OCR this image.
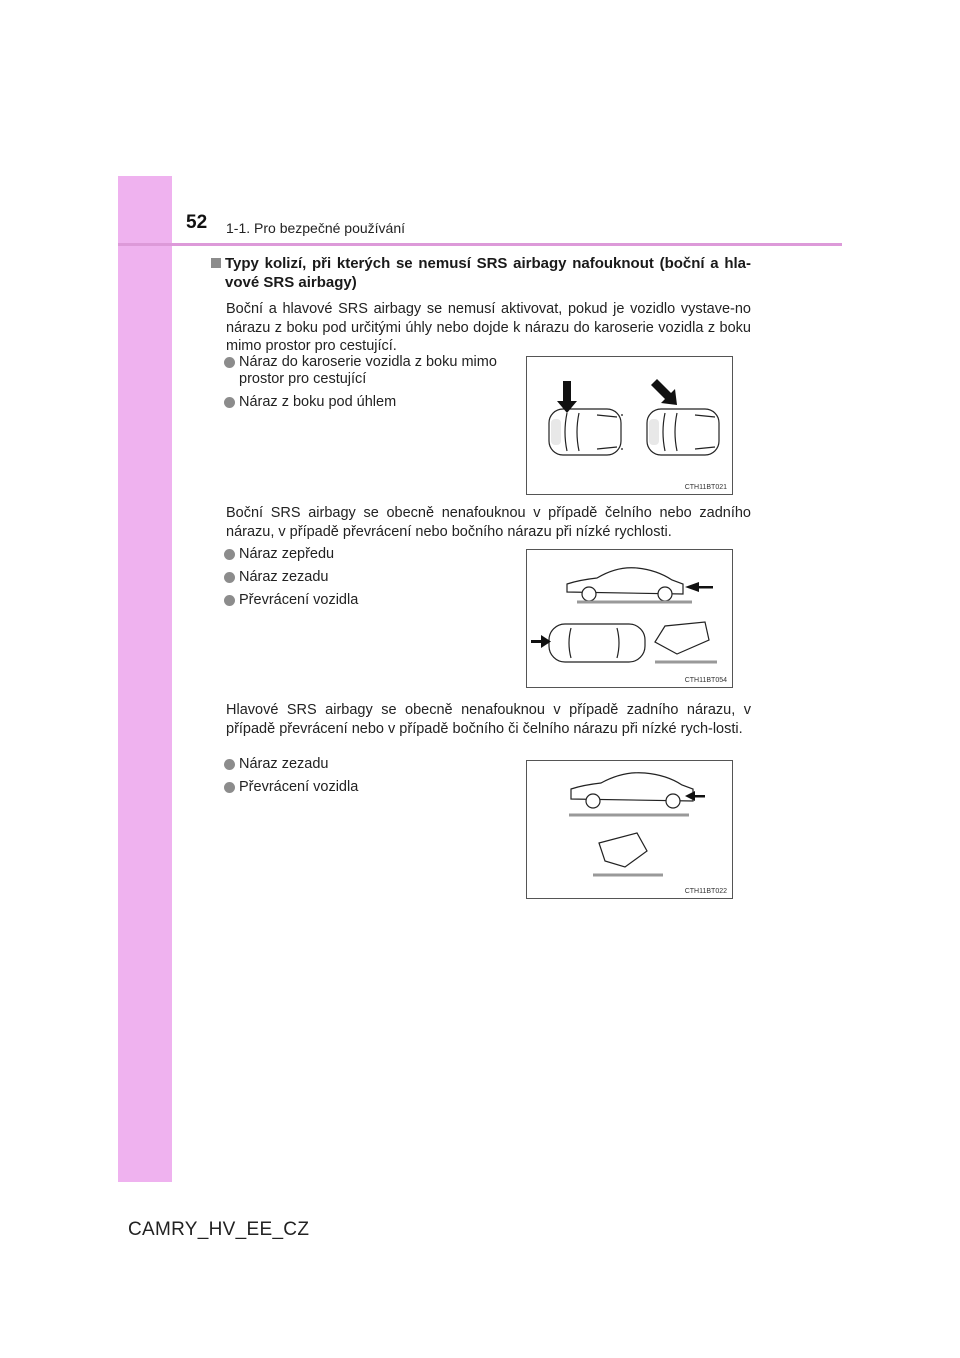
52 1-1. Pro bezpečné používání

Typy kolizí, při kterých se nemusí SRS airbagy nafouknout (boční a hla-vové SRS airbagy)

Boční a hlavové SRS airbagy se nemusí aktivovat, pokud je vozidlo vystave-no nárazu z boku pod určitými úhly nebo dojde k nárazu do karoserie vozidla z boku mimo prostor pro cestující.

Náraz do karoserie vozidla z boku mimo prostor pro cestující
Náraz z boku pod úhlem

Boční SRS airbagy se obecně nenafouknou v případě čelního nebo zadního nárazu, v případě převrácení nebo bočního nárazu při nízké rychlosti.

Náraz zepředu
Náraz zezadu
Převrácení vozidla

Hlavové SRS airbagy se obecně nenafouknou v případě zadního nárazu, v případě převrácení nebo v případě bočního či čelního nárazu při nízké rych-losti.

Náraz zezadu
Převrácení vozidla
CTH11BT021
CTH11BT054
CTH11BT022
CAMRY_HV_EE_CZ
